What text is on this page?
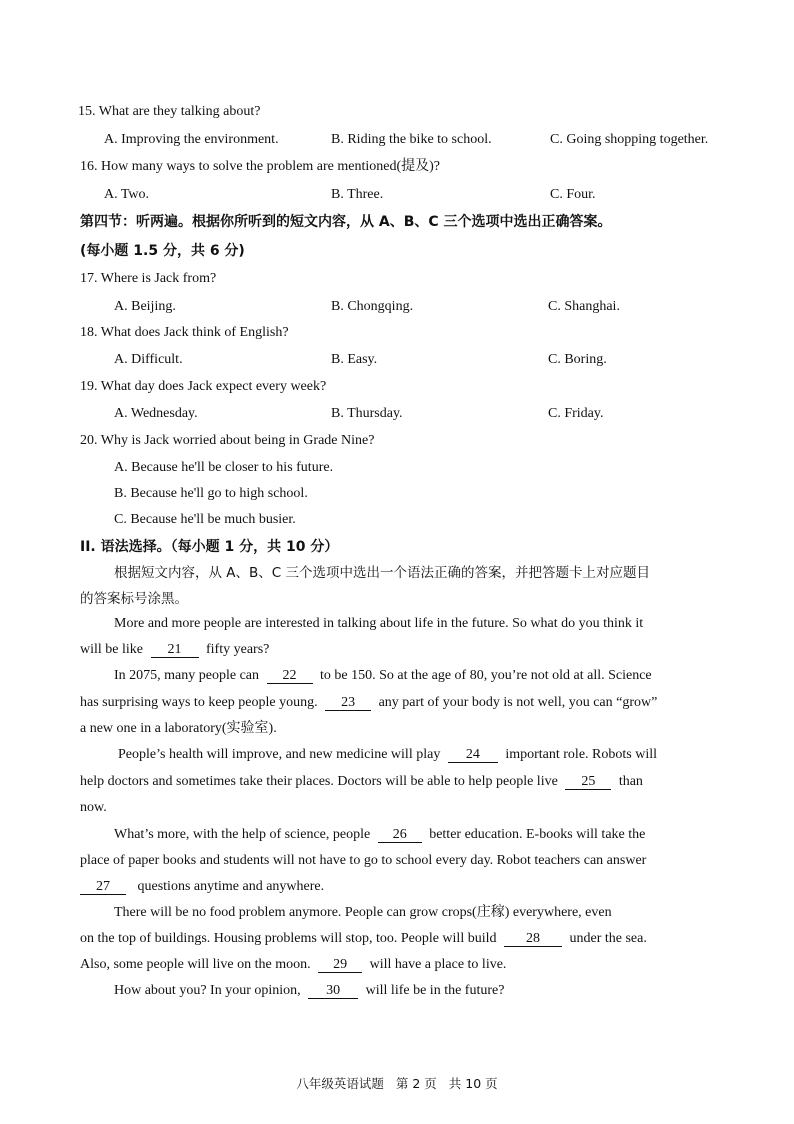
15. What are they talking about?
A. Improving the environment.	B. Riding the bike to school.	C. Going shopping together.
16. How many ways to solve the problem are mentioned(提及)?
A. Two.	B. Three.	C. Four.
第四节：听两遍。根据你所听到的短文内容，从 A、B、C 三个选项中选出正确答案。
(每小题 1.5 分，共 6 分)
17. Where is Jack from?
A. Beijing.	B. Chongqing.	C. Shanghai.
18. What does Jack think of English?
A. Difficult.	B. Easy.	C. Boring.
19. What day does Jack expect every week?
A. Wednesday.	B. Thursday.	C. Friday.
20. Why is Jack worried about being in Grade Nine?
A. Because he'll be closer to his future.
B. Because he'll go to high school.
C. Because he'll be much busier.
II. 语法选择。（每小题 1 分，共 10 分）
根据短文内容，从 A、B、C 三个选项中选出一个语法正确的答案，并把答题卡上对应题目
的答案标号涂黑。
More and more people are interested in talking about life in the future. So what do you think it
will be like 21 fifty years?
In 2075, many people can 22 to be 150. So at the age of 80, you’re not old at all. Science
has surprising ways to keep people young. 23 any part of your body is not well, you can “grow”
a new one in a laboratory(实验室).
People’s health will improve, and new medicine will play 24 important role. Robots will
help doctors and sometimes take their places. Doctors will be able to help people live 25 than
now.
What’s more, with the help of science, people 26 better education. E-books will take the
place of paper books and students will not have to go to school every day. Robot teachers can answer
27 questions anytime and anywhere.
There will be no food problem anymore. People can grow crops(庄稼) everywhere, even
on the top of buildings. Housing problems will stop, too. People will build 28 under the sea.
Also, some people will live on the moon. 29 will have a place to live.
How about you? In your opinion, 30 will life be in the future?
八年级英语试题 第 2 页 共 10 页
